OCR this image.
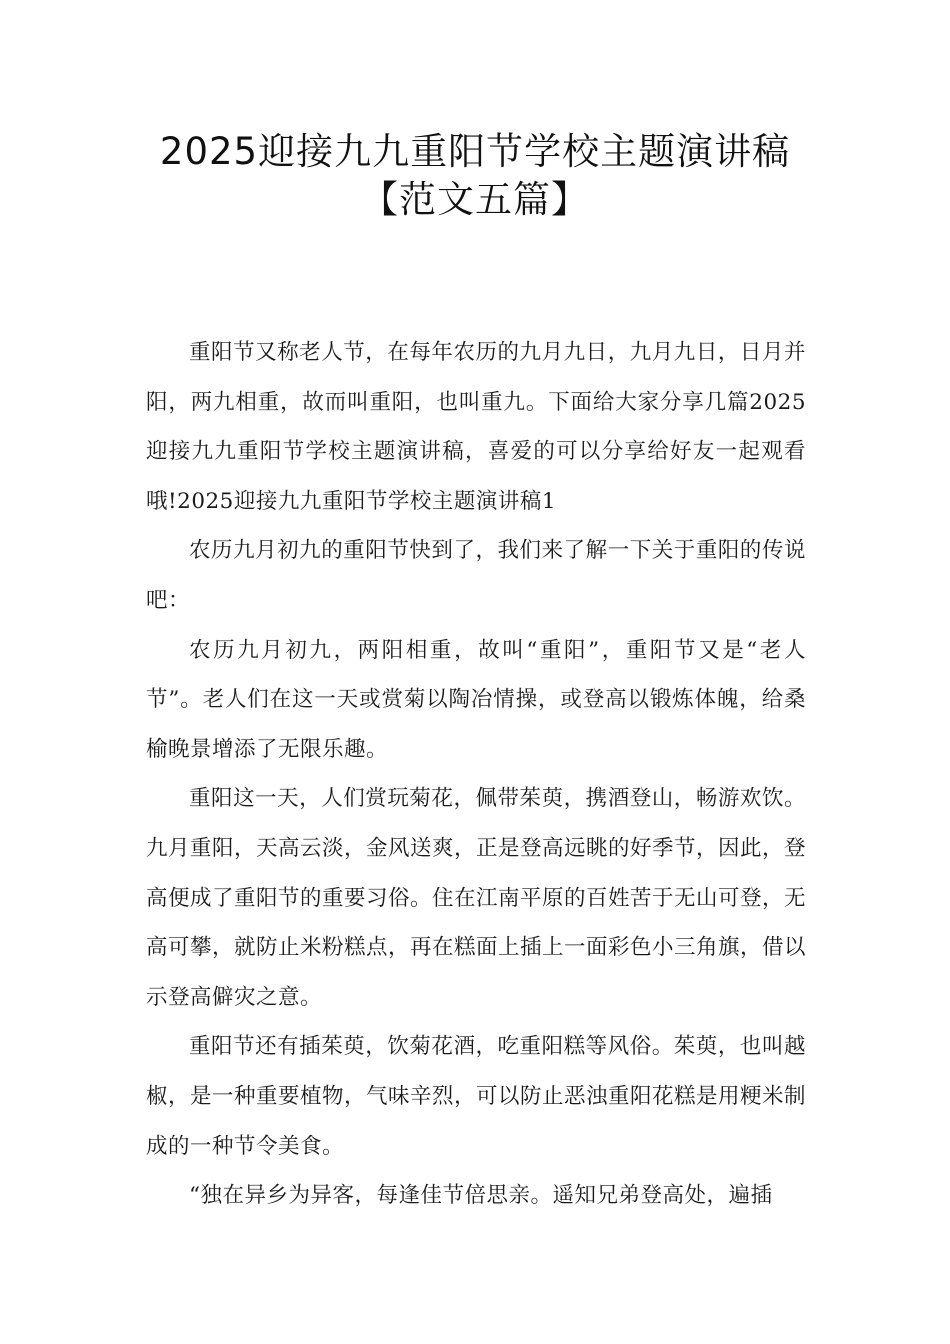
2025迎接九九重阳节学校主题演讲稿
【范文五篇】

重阳节又称老人节，在每年农历的九月九日，九月九日，日月并阳，两九相重，故而叫重阳，也叫重九。下面给大家分享几篇2025迎接九九重阳节学校主题演讲稿，喜爱的可以分享给好友一起观看哦!2025迎接九九重阳节学校主题演讲稿1

农历九月初九的重阳节快到了，我们来了解一下关于重阳的传说吧：

农历九月初九，两阳相重，故叫“重阳”，重阳节又是“老人节”。老人们在这一天或赏菊以陶冶情操，或登高以锻炼体魄，给桑榆晚景增添了无限乐趣。

重阳这一天，人们赏玩菊花，佩带茱萸，携酒登山，畅游欢饮。九月重阳，天高云淡，金风送爽，正是登高远眺的好季节，因此，登高便成了重阳节的重要习俗。住在江南平原的百姓苦于无山可登，无高可攀，就防止米粉糕点，再在糕面上插上一面彩色小三角旗，借以示登高僻灾之意。

重阳节还有插茱萸，饮菊花酒，吃重阳糕等风俗。茱萸，也叫越椒，是一种重要植物，气味辛烈，可以防止恶浊重阳花糕是用粳米制成的一种节令美食。

“独在异乡为异客，每逢佳节倍思亲。遥知兄弟登高处，遍插
